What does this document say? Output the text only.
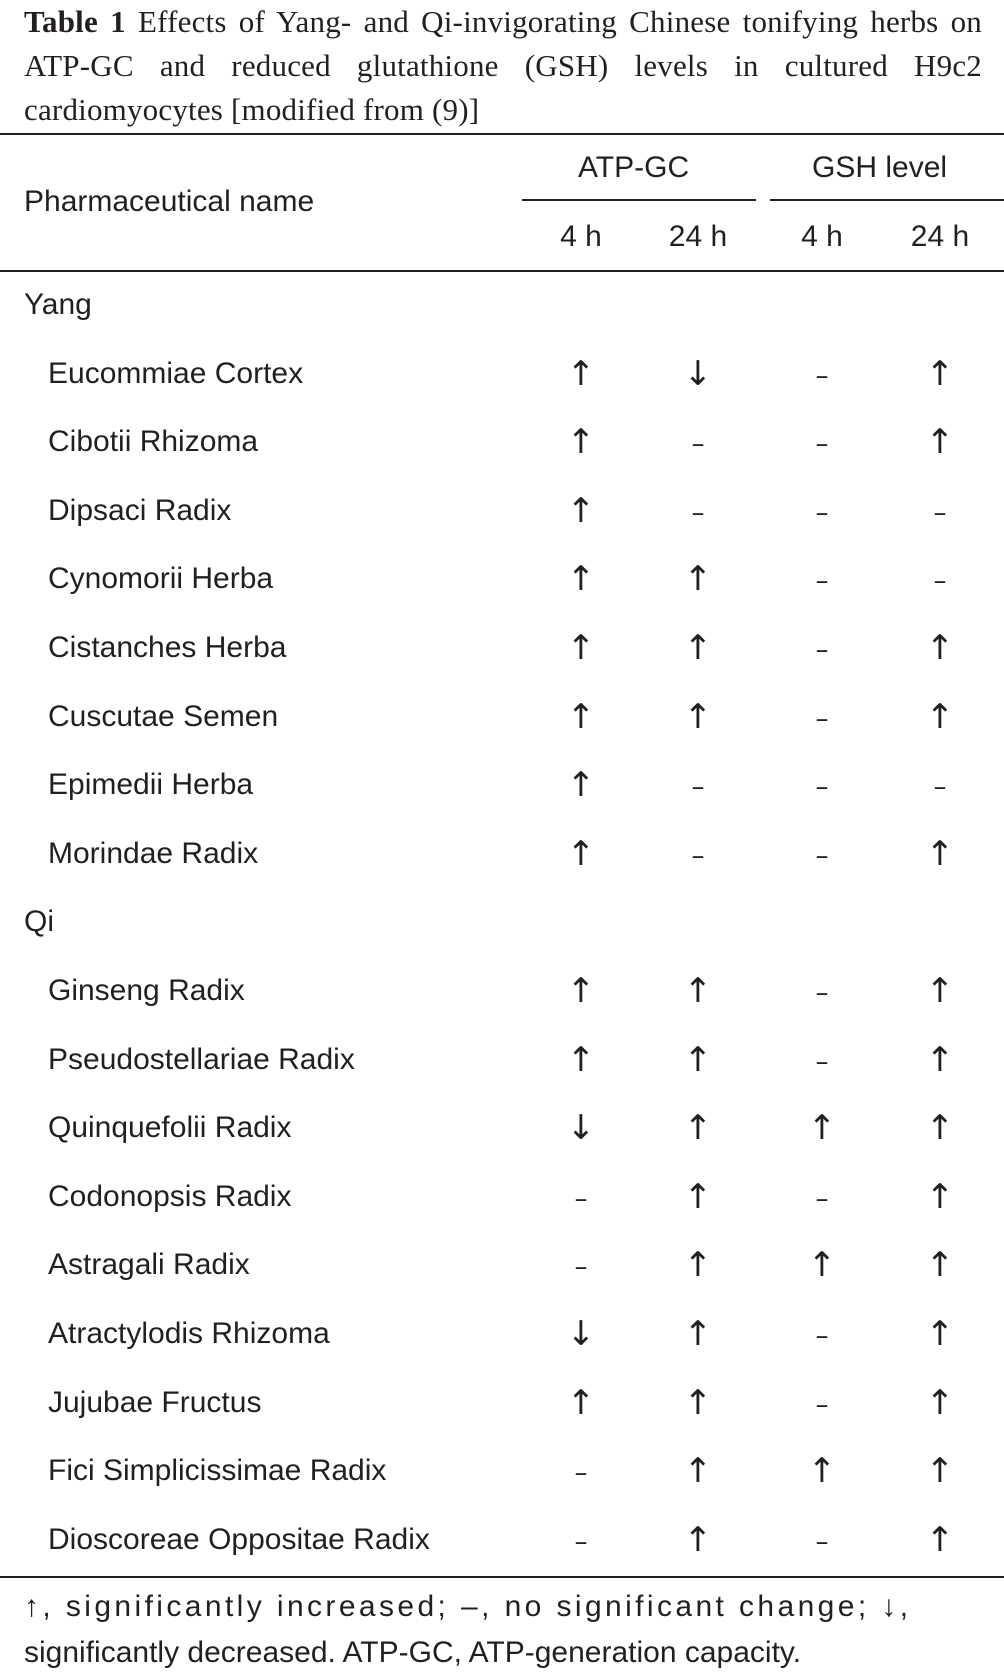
Table 1 Effects of Yang- and Qi-invigorating Chinese tonifying herbs on ATP-GC and reduced glutathione (GSH) levels in cultured H9c2 cardiomyocytes [modified from (9)]
Pharmaceutical name
ATP-GC	GSH level
4 h	24 h	4 h	24 h
Yang
Eucommiae Cortex	↑	↓	–	↑
Cibotii Rhizoma	↑	–	–	↑
Dipsaci Radix	↑	–	–	–
Cynomorii Herba	↑	↑	–	–
Cistanches Herba	↑	↑	–	↑
Cuscutae Semen	↑	↑	–	↑
Epimedii Herba	↑	–	–	–
Morindae Radix	↑	–	–	↑
Qi
Ginseng Radix	↑	↑	–	↑
Pseudostellariae Radix	↑	↑	–	↑
Quinquefolii Radix	↓	↑	↑	↑
Codonopsis Radix	–	↑	–	↑
Astragali Radix	–	↑	↑	↑
Atractylodis Rhizoma	↓	↑	–	↑
Jujubae Fructus	↑	↑	–	↑
Fici Simplicissimae Radix	–	↑	↑	↑
Dioscoreae Oppositae Radix	–	↑	–	↑
↑, significantly increased; –, no significant change; ↓,
significantly decreased. ATP-GC, ATP-generation capacity.
